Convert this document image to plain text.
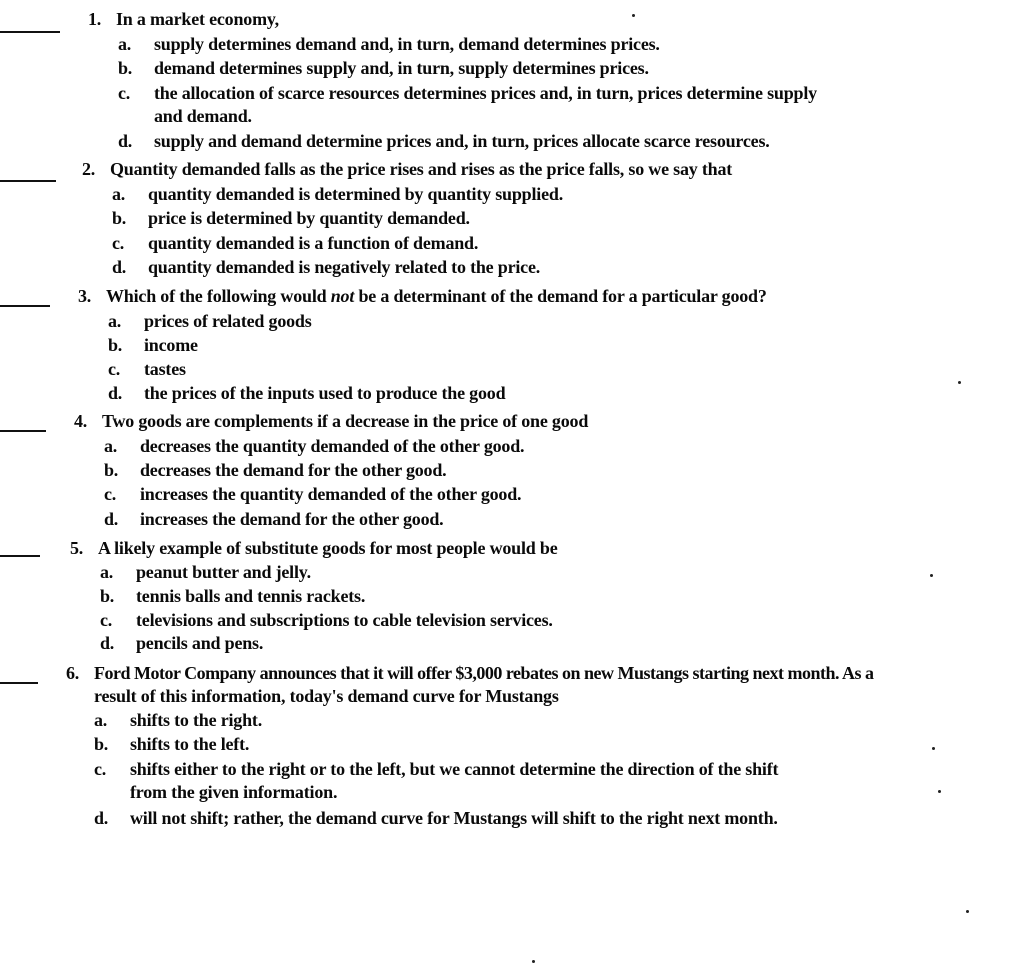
1. In a market economy,
a.	supply determines demand and, in turn, demand determines prices.
b.	demand determines supply and, in turn, supply determines prices.
c.	the allocation of scarce resources determines prices and, in turn, prices determine supply
and demand.
d.	supply and demand determine prices and, in turn, prices allocate scarce resources.
2. Quantity demanded falls as the price rises and rises as the price falls, so we say that
a.	quantity demanded is determined by quantity supplied.
b.	price is determined by quantity demanded.
c.	quantity demanded is a function of demand.
d.	quantity demanded is negatively related to the price.
3. Which of the following would not be a determinant of the demand for a particular good?
a.	prices of related goods
b.	income
c.	tastes
d.	the prices of the inputs used to produce the good
4. Two goods are complements if a decrease in the price of one good
a.	decreases the quantity demanded of the other good.
b.	decreases the demand for the other good.
c.	increases the quantity demanded of the other good.
d.	increases the demand for the other good.
5. A likely example of substitute goods for most people would be
a.	peanut butter and jelly.
b.	tennis balls and tennis rackets.
c.	televisions and subscriptions to cable television services.
d.	pencils and pens.
6. Ford Motor Company announces that it will offer $3,000 rebates on new Mustangs starting next month. As a
result of this information, today's demand curve for Mustangs
a.	shifts to the right.
b.	shifts to the left.
c.	shifts either to the right or to the left, but we cannot determine the direction of the shift
from the given information.
d.	will not shift; rather, the demand curve for Mustangs will shift to the right next month.
